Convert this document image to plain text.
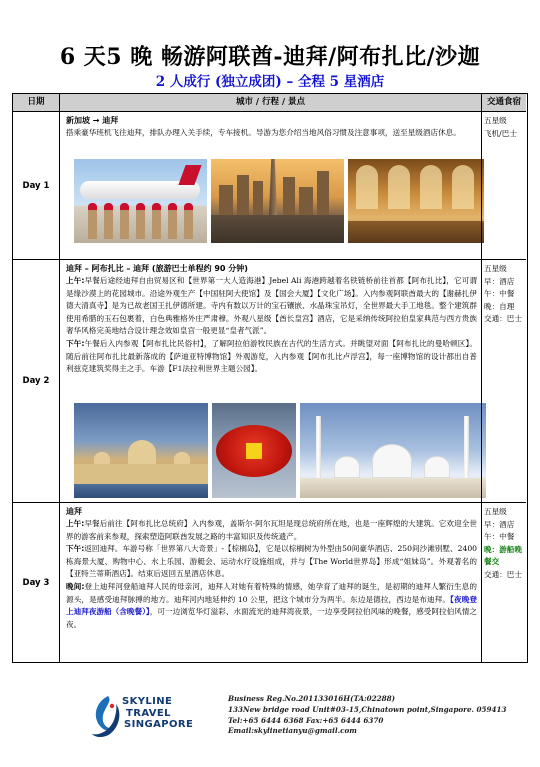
6 天5 晚 畅游阿联酋-迪拜/阿布扎比/沙迦
2 人成行 (独立成团) – 全程 5 星酒店
日期	城市 / 行程 / 景点	交通食宿
Day 1
新加坡 → 迪拜
搭乘豪华班机飞往迪拜，排队办理入关手续，专车接机。导游为您介绍当地风俗习惯及注意事项，送至星级酒店休息。
五星级
飞机/巴士
Day 2
迪拜 – 阿布扎比 – 迪拜 (旅游巴士单程约 90 分钟)
上午:早餐后途经迪拜自由贸易区和【世界第一大人造海港】Jebel Ali 海港跨越着名铁链桥前往首都【阿布扎比】，它可谓是缘沙漠上的花园城市。沿途外观生产【中国驻阿大使馆】及【国会大厦】【文化广场】。入内参观阿联酋最大的【谢赫扎伊德大清真寺】是为已故老国王扎伊德所建。寺内有数以万计的宝石镶嵌、水晶珠宝吊灯，全世界最大手工地毯。整个建筑群使用希腊的玉石包裹着，白色典雅格外庄严肃穆。外观八星级【酋长皇宫】酒店，它是采纳传统阿拉伯皇家典范与西方贵族奢华风格完美地结合设计理念效如皇宫一般更显“皇者气派”。
下午:午餐后入内参观【阿布扎比民俗村】，了解阿拉伯游牧民族在古代的生活方式。并眺望对面【阿布扎比的曼哈顿区】。随后前往阿布扎比最新落成的【萨迪亚特博物馆】外观游览，入内参观【阿布扎比卢浮宫】，每一座博物馆的设计都出自普利兹克建筑奖得主之手。车游【F1法拉利世界主题公园】。
五星级
早：酒店
午：中餐
晚：自理
交通：巴士
Day 3
迪拜
上午:早餐后前往【阿布扎比总统府】入内参观，盖斯尔·阿尔瓦坦是现总统府所在地，也是一座辉煌的大建筑。它欢迎全世界的游客前来参观，探索塑造阿联酋发展之路的丰富知识及传统遗产。
下午:返回迪拜。车游号称「世界第八大奇景」-【棕榈岛】，它是以棕榈树为外型由50间豪华酒店、250间沙滩别墅、2400 栋海景大厦、购物中心、水上乐园、游艇会、运动水疗设施组成，并与【The World世界岛】形成“姐妹岛”。外观著名的【亚特兰蒂斯酒店】。结束后返回五星酒店休息。
晚间:登上迪拜河登船迪拜人民的母亲河，迪拜人对她有着特殊的情感，她孕育了迪拜的诞生，是初期的迪拜人繁衍生息的源头，是感受迪拜脉搏的地方。迪拜河内地延伸约 10 公里，把这个城市分为两半。东边是德拉，西边是布迪拜。【夜晚登上迪拜夜游船（含晚餐）】，可一边浏览华灯溢彩、水面流光的迪拜湾夜景，一边享受阿拉伯风味的晚餐，感受阿拉伯风情之夜。
五星级
早：酒店
午：中餐
晚：游船晚餐交
交通：巴士
SKYLINE
TRAVEL
SINGAPORE
Business Reg.No.201133016H(TA:02288)
133New bridge road Unit#03-15,Chinatown point,Singapore. 059413
Tel:+65 6444 6368 Fax:+65 6444 6370
Email:skylinetianyu@gmail.com
